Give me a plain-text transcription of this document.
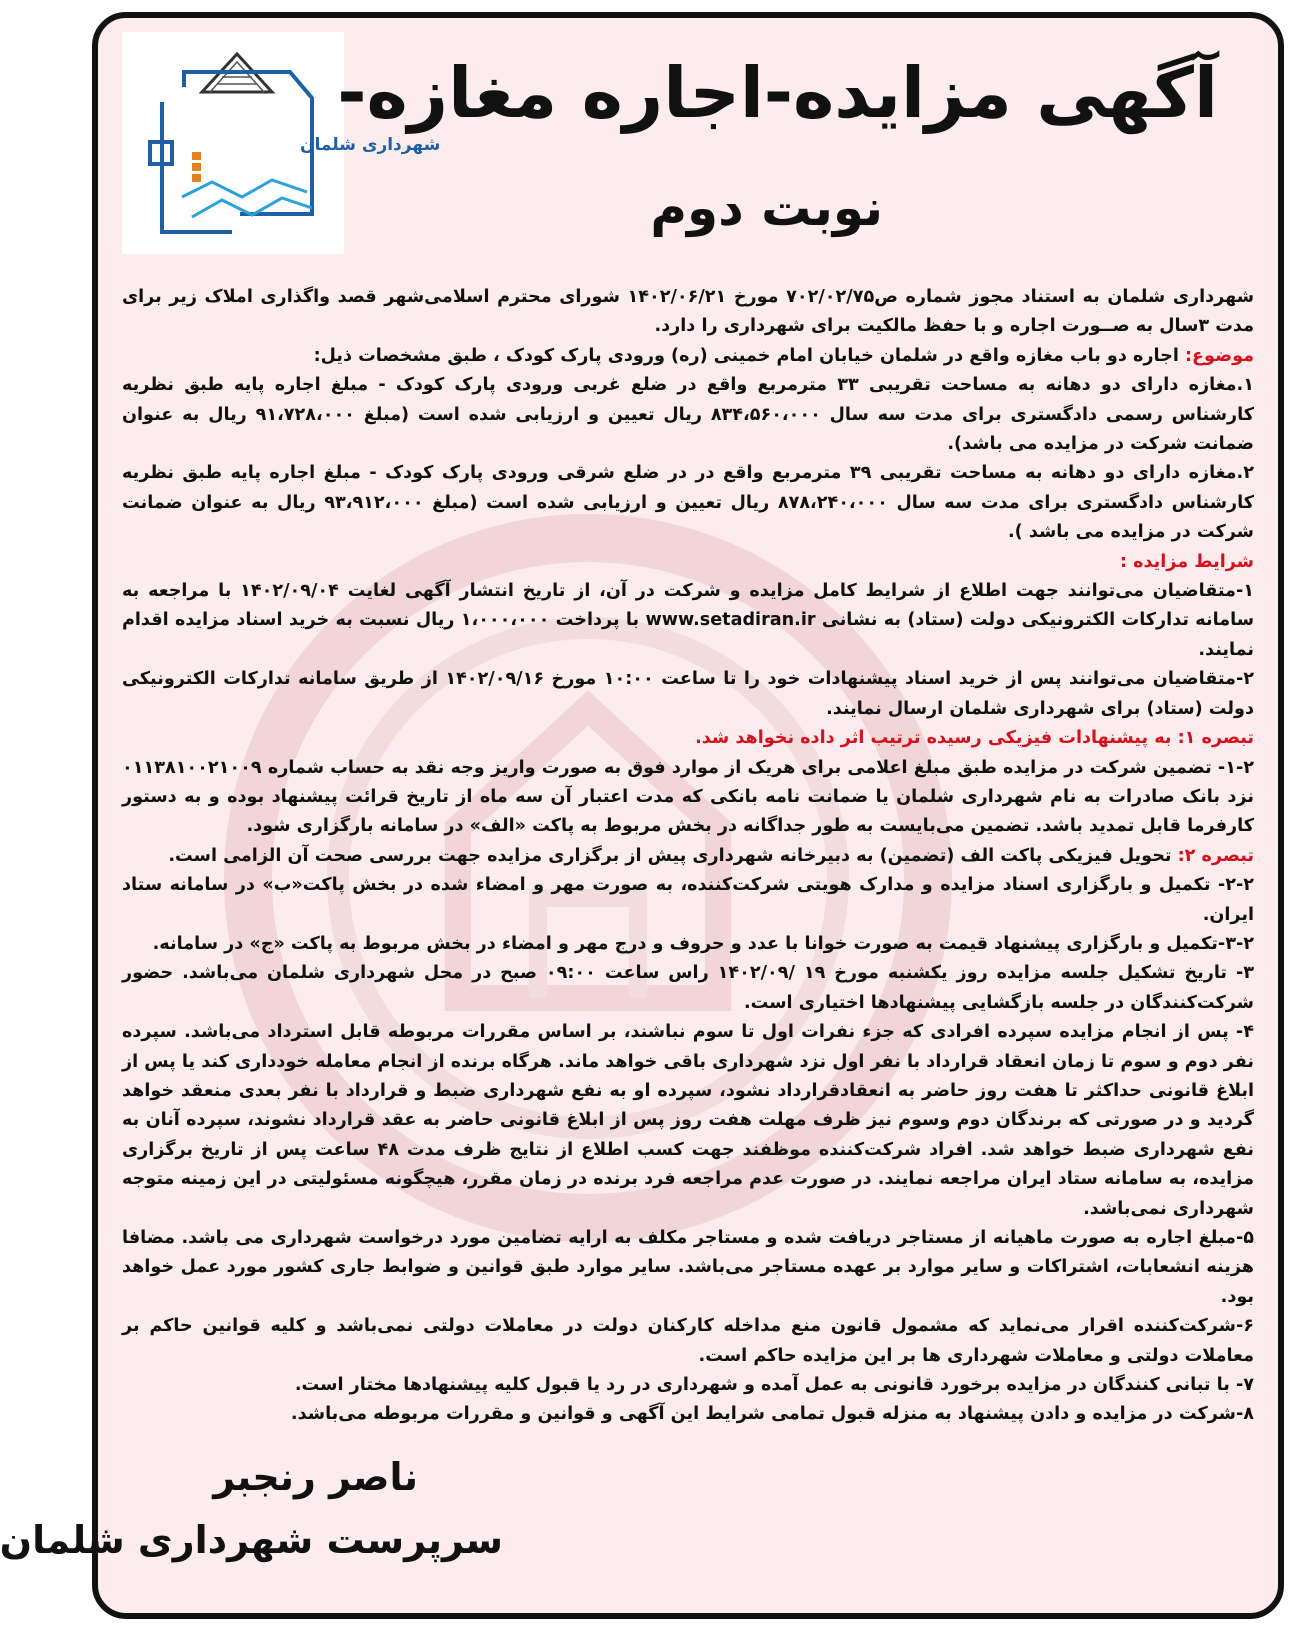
شهرداری شلمان
آگهی مزایده-اجاره مغازه-
نوبت دوم

شهرداری شلمان به استناد مجوز شماره ص۷۰۲/۰۲/۷۵ مورخ ۱۴۰۲/۰۶/۲۱ شورای محترم اسلامی‌شهر قصد واگذاری املاک زیر برای مدت ۳سال به صــورت اجاره و با حفظ مالکیت برای شهرداری را دارد.

موضوع: اجاره دو باب مغازه واقع در شلمان خیابان امام خمینی (ره) ورودی پارک کودک ، طبق مشخصات ذیل:

۱.مغازه دارای دو دهانه به مساحت تقریبی ۳۳ مترمربع واقع در ضلع غربی ورودی پارک کودک - مبلغ اجاره پایه طبق نظریه کارشناس رسمی دادگستری برای مدت سه سال ۸۳۴،۵۶۰،۰۰۰ ریال تعیین و ارزیابی شده است (مبلغ ۹۱،۷۲۸،۰۰۰ ریال به عنوان ضمانت شرکت در مزایده می باشد).

۲.مغازه دارای دو دهانه به مساحت تقریبی ۳۹ مترمربع واقع در در ضلع شرقی ورودی پارک کودک - مبلغ اجاره پایه طبق نظریه کارشناس دادگستری برای مدت سه سال ۸۷۸،۲۴۰،۰۰۰ ریال تعیین و ارزیابی شده است (مبلغ ۹۳،۹۱۲،۰۰۰ ریال به عنوان ضمانت شرکت در مزایده می باشد ).

شرایط مزایده :

۱-متقاضیان می‌توانند جهت اطلاع از شرایط کامل مزایده و شرکت در آن، از تاریخ انتشار آگهی لغایت ۱۴۰۲/۰۹/۰۴ با مراجعه به سامانه تدارکات الکترونیکی دولت (ستاد) به نشانی www.setadiran.ir با پرداخت ۱،۰۰۰،۰۰۰ ریال نسبت به خرید اسناد مزایده اقدام نمایند.

۲-متقاضیان می‌توانند پس از خرید اسناد پیشنهادات خود را تا ساعت ۱۰:۰۰ مورخ ۱۴۰۲/۰۹/۱۶ از طریق سامانه تدارکات الکترونیکی دولت (ستاد) برای شهرداری شلمان ارسال نمایند.

تبصره ۱: به پیشنهادات فیزیکی رسیده ترتیب اثر داده نخواهد شد.

۱-۲- تضمین شرکت در مزایده طبق مبلغ اعلامی برای هریک از موارد فوق به صورت واریز وجه نقد به حساب شماره ۰۱۱۳۸۱۰۰۲۱۰۰۹ نزد بانک صادرات به نام شهرداری شلمان یا ضمانت نامه بانکی که مدت اعتبار آن سه ماه از تاریخ قرائت پیشنهاد بوده و به دستور کارفرما قابل تمدید باشد. تضمین می‌بایست به طور جداگانه در بخش مربوط به پاکت «الف» در سامانه بارگزاری شود.

تبصره ۲: تحویل فیزیکی پاکت الف (تضمین) به دبیرخانه شهرداری پیش از برگزاری مزایده جهت بررسی صحت آن الزامی است.

۲-۲- تکمیل و بارگزاری اسناد مزایده و مدارک هویتی شرکت‌کننده، به صورت مهر و امضاء شده در بخش پاکت«ب» در سامانه ستاد ایران.

۳-۲-تکمیل و بارگزاری پیشنهاد قیمت به صورت خوانا با عدد و حروف و درج مهر و امضاء در بخش مربوط به پاکت «ج» در سامانه.

۳- تاریخ تشکیل جلسه مزایده روز یکشنبه مورخ ۱۹ /۱۴۰۲/۰۹ راس ساعت ۰۹:۰۰ صبح در محل شهرداری شلمان می‌باشد. حضور شرکت‌کنندگان در جلسه بازگشایی پیشنهادها اختیاری است.

۴- پس از انجام مزایده سپرده افرادی که جزء نفرات اول تا سوم نباشند، بر اساس مقررات مربوطه قابل استرداد می‌باشد. سپرده نفر دوم و سوم تا زمان انعقاد قرارداد با نفر اول نزد شهرداری باقی خواهد ماند. هرگاه برنده از انجام معامله خودداری کند یا پس از ابلاغ قانونی حداکثر تا هفت روز حاضر به انعقادقرارداد نشود، سپرده او به نفع شهرداری ضبط و قرارداد با نفر بعدی منعقد خواهد گردید و در صورتی که برندگان دوم وسوم نیز ظرف مهلت هفت روز پس از ابلاغ قانونی حاضر به عقد قرارداد نشوند، سپرده آنان به نفع شهرداری ضبط خواهد شد. افراد شرکت‌کننده موظفند جهت کسب اطلاع از نتایج ظرف مدت ۴۸ ساعت پس از تاریخ برگزاری مزایده، به سامانه ستاد ایران مراجعه نمایند. در صورت عدم مراجعه فرد برنده در زمان مقرر، هیچگونه مسئولیتی در این زمینه متوجه شهرداری نمی‌باشد.

۵-مبلغ اجاره به صورت ماهیانه از مستاجر دریافت شده و مستاجر مکلف به ارایه تضامین مورد درخواست شهرداری می باشد. مضافا هزینه انشعابات، اشتراکات و سایر موارد بر عهده مستاجر می‌باشد. سایر موارد طبق قوانین و ضوابط جاری کشور مورد عمل خواهد بود.

۶-شرکت‌کننده اقرار می‌نماید که مشمول قانون منع مداخله کارکنان دولت در معاملات دولتی نمی‌باشد و کلیه قوانین حاکم بر معاملات دولتی و معاملات شهرداری ها بر این مزایده حاکم است.

۷- با تبانی کنندگان در مزایده برخورد قانونی به عمل آمده و شهرداری در رد یا قبول کلیه پیشنهادها مختار است.

۸-شرکت در مزایده و دادن پیشنهاد به منزله قبول تمامی شرایط این آگهی و قوانین و مقررات مربوطه می‌باشد.

ناصر رنجبر

سرپرست شهرداری شلمان
